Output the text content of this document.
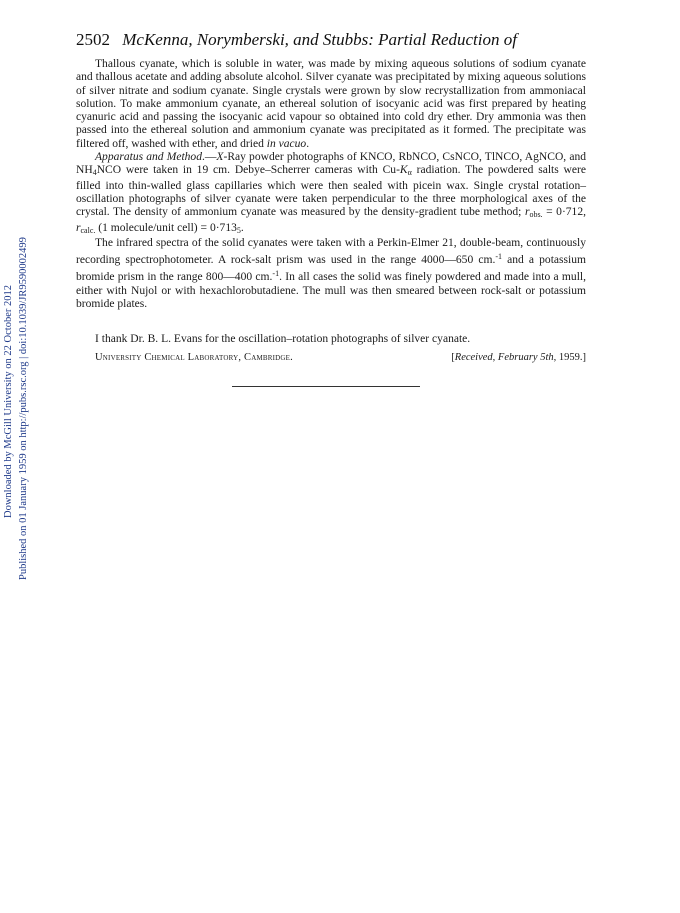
Downloaded by McGill University on 22 October 2012 Published on 01 January 1959 on http://pubs.rsc.org | doi:10.1039/JR9590002499
2502 McKenna, Norymberski, and Stubbs: Partial Reduction of

Thallous cyanate, which is soluble in water, was made by mixing aqueous solutions of sodium cyanate and thallous acetate and adding absolute alcohol. Silver cyanate was precipitated by mixing aqueous solutions of silver nitrate and sodium cyanate. Single crystals were grown by slow recrystallization from ammoniacal solution. To make ammonium cyanate, an ethereal solution of isocyanic acid was first prepared by heating cyanuric acid and passing the isocyanic acid vapour so obtained into cold dry ether. Dry ammonia was then passed into the ethereal solution and ammonium cyanate was precipitated as it formed. The precipitate was filtered off, washed with ether, and dried in vacuo.

Apparatus and Method.—X-Ray powder photographs of KNCO, RbNCO, CsNCO, TlNCO, AgNCO, and NH4NCO were taken in 19 cm. Debye–Scherrer cameras with Cu-Kα radiation. The powdered salts were filled into thin-walled glass capillaries which were then sealed with picein wax. Single crystal rotation–oscillation photographs of silver cyanate were taken perpendicular to the three morphological axes of the crystal. The density of ammonium cyanate was measured by the density-gradient tube method; robs. = 0·712, rcalc. (1 molecule/unit cell) = 0·7135.

The infrared spectra of the solid cyanates were taken with a Perkin-Elmer 21, double-beam, continuously recording spectrophotometer. A rock-salt prism was used in the range 4000—650 cm.$^{-1}$ and a potassium bromide prism in the range 800—400 cm.$^{-1}$. In all cases the solid was finely powdered and made into a mull, either with Nujol or with hexachlorobutadiene. The mull was then smeared between rock-salt or potassium bromide plates.

I thank Dr. B. L. Evans for the oscillation–rotation photographs of silver cyanate.
University Chemical Laboratory, Cambridge.	[Received, February 5th, 1959.]
